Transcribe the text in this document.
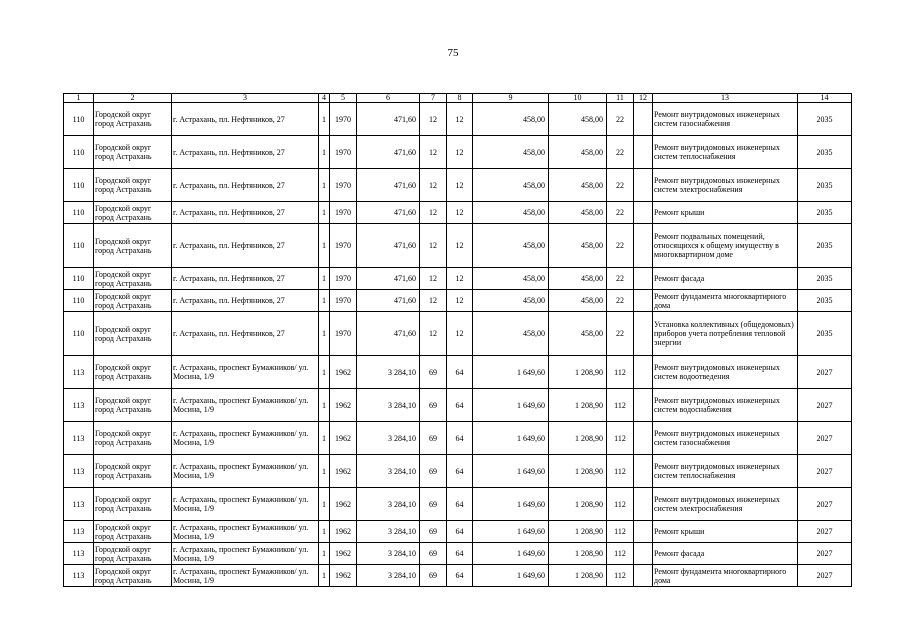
75
1	2	3	4	5	6	7	8	9	10	11	12	13	14
110	Городской округ город Астрахань	г. Астрахань, пл. Нефтяников, 27	1	1970	471,60	12	12	458,00	458,00	22		Ремонт внутридомовых инженерных систем газоснабжения	2035
110	Городской округ город Астрахань	г. Астрахань, пл. Нефтяников, 27	1	1970	471,60	12	12	458,00	458,00	22		Ремонт внутридомовых инженерных систем теплоснабжения	2035
110	Городской округ город Астрахань	г. Астрахань, пл. Нефтяников, 27	1	1970	471,60	12	12	458,00	458,00	22		Ремонт внутридомовых инженерных систем электроснабжения	2035
110	Городской округ город Астрахань	г. Астрахань, пл. Нефтяников, 27	1	1970	471,60	12	12	458,00	458,00	22		Ремонт крыши	2035
110	Городской округ город Астрахань	г. Астрахань, пл. Нефтяников, 27	1	1970	471,60	12	12	458,00	458,00	22		Ремонт подвальных помещений, относящихся к общему имуществу в многоквартирном доме	2035
110	Городской округ город Астрахань	г. Астрахань, пл. Нефтяников, 27	1	1970	471,60	12	12	458,00	458,00	22		Ремонт фасада	2035
110	Городской округ город Астрахань	г. Астрахань, пл. Нефтяников, 27	1	1970	471,60	12	12	458,00	458,00	22		Ремонт фундамента многоквартирного дома	2035
110	Городской округ город Астрахань	г. Астрахань, пл. Нефтяников, 27	1	1970	471,60	12	12	458,00	458,00	22		Установка коллективных (общедомовых) приборов учета потребления тепловой энергии	2035
113	Городской округ город Астрахань	г. Астрахань, проспект Бумажников/ ул. Мосина, 1/9	1	1962	3 284,10	69	64	1 649,60	1 208,90	112		Ремонт внутридомовых инженерных систем водоотведения	2027
113	Городской округ город Астрахань	г. Астрахань, проспект Бумажников/ ул. Мосина, 1/9	1	1962	3 284,10	69	64	1 649,60	1 208,90	112		Ремонт внутридомовых инженерных систем водоснабжения	2027
113	Городской округ город Астрахань	г. Астрахань, проспект Бумажников/ ул. Мосина, 1/9	1	1962	3 284,10	69	64	1 649,60	1 208,90	112		Ремонт внутридомовых инженерных систем газоснабжения	2027
113	Городской округ город Астрахань	г. Астрахань, проспект Бумажников/ ул. Мосина, 1/9	1	1962	3 284,10	69	64	1 649,60	1 208,90	112		Ремонт внутридомовых инженерных систем теплоснабжения	2027
113	Городской округ город Астрахань	г. Астрахань, проспект Бумажников/ ул. Мосина, 1/9	1	1962	3 284,10	69	64	1 649,60	1 208,90	112		Ремонт внутридомовых инженерных систем электроснабжения	2027
113	Городской округ город Астрахань	г. Астрахань, проспект Бумажников/ ул. Мосина, 1/9	1	1962	3 284,10	69	64	1 649,60	1 208,90	112		Ремонт крыши	2027
113	Городской округ город Астрахань	г. Астрахань, проспект Бумажников/ ул. Мосина, 1/9	1	1962	3 284,10	69	64	1 649,60	1 208,90	112		Ремонт фасада	2027
113	Городской округ город Астрахань	г. Астрахань, проспект Бумажников/ ул. Мосина, 1/9	1	1962	3 284,10	69	64	1 649,60	1 208,90	112		Ремонт фундамента многоквартирного дома	2027
